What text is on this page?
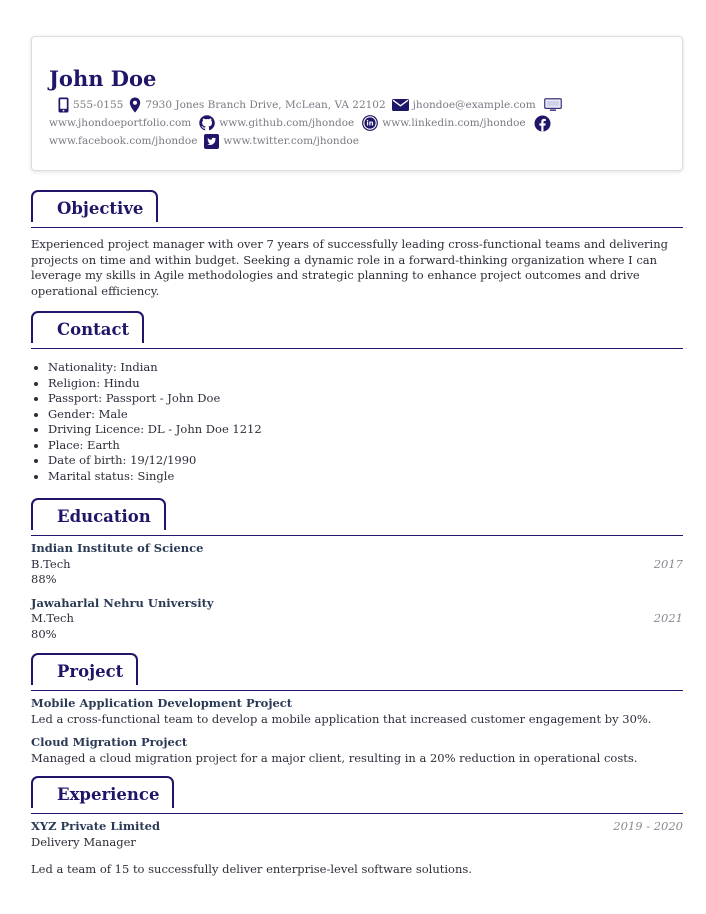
John Doe
555-0155 7930 Jones Branch Drive, McLean, VA 22102	jhondoe@example.com
www.jhondoeportfolio.com	www.github.com/jhondoe in www.linkedin.com/jhondoe
www.facebook.com/jhondoe www.twitter.com/jhondoe
Objective
Experienced project manager with over 7 years of successfully leading cross-functional teams and delivering projects on time and within budget. Seeking a dynamic role in a forward-thinking organization where I can leverage my skills in Agile methodologies and strategic planning to enhance project outcomes and drive operational efficiency.
Contact
• Nationality: Indian
• Religion: Hindu
• Passport: Passport - John Doe
• Gender: Male
• Driving Licence: DL - John Doe 1212
• Place: Earth
• Date of birth: 19/12/1990
• Marital status: Single
Education
Indian Institute of Science
B.Tech	2017
88%
Jawaharlal Nehru University
M.Tech	2021
80%
Project
Mobile Application Development Project
Led a cross-functional team to develop a mobile application that increased customer engagement by 30%.
Cloud Migration Project
Managed a cloud migration project for a major client, resulting in a 20% reduction in operational costs.
Experience
XYZ Private Limited	2019 - 2020
Delivery Manager
Led a team of 15 to successfully deliver enterprise-level software solutions.
